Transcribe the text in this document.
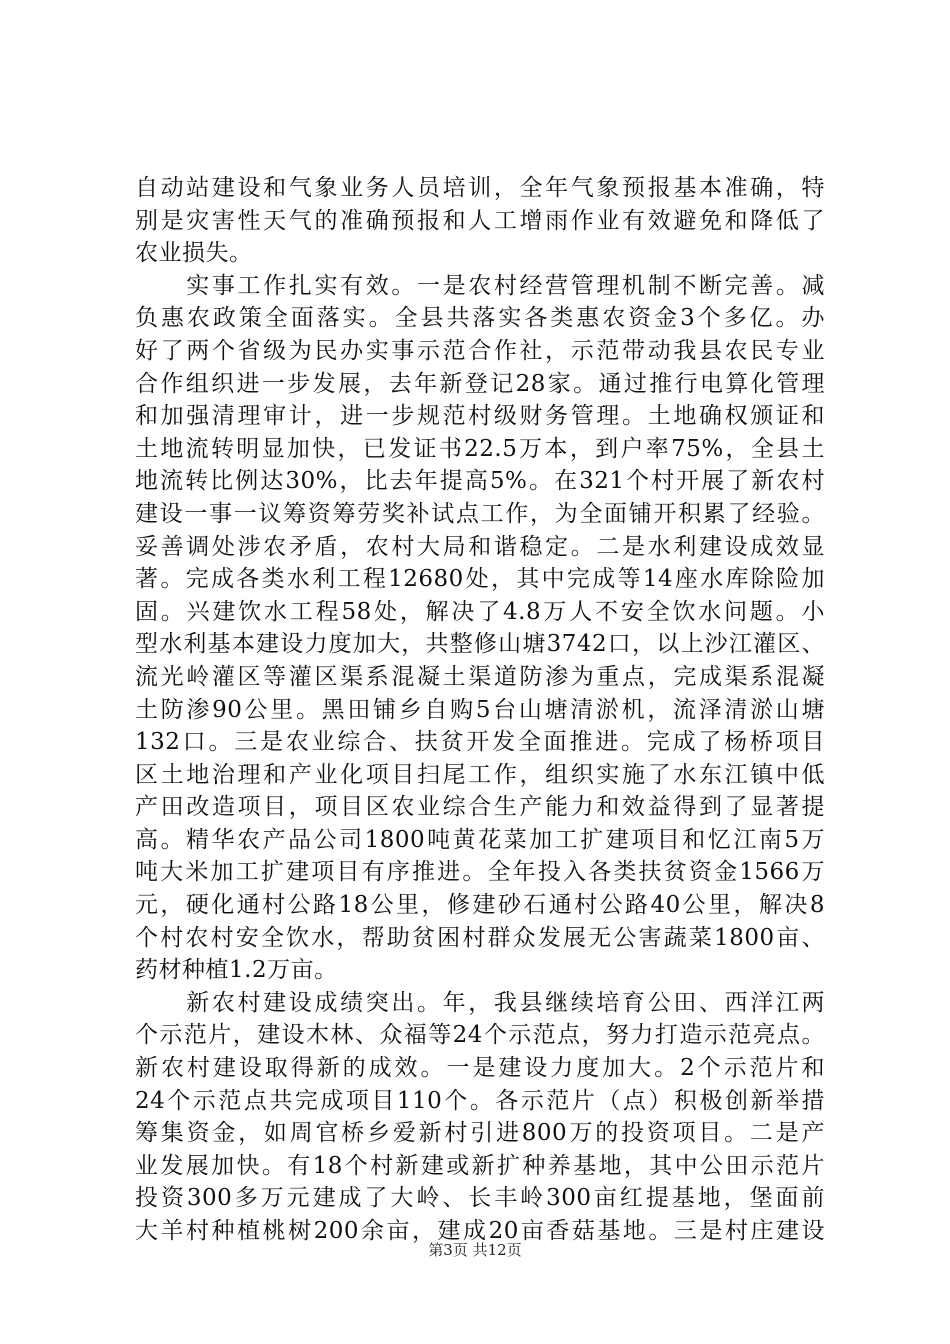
自动站建设和气象业务人员培训，全年气象预报基本准确，特
别是灾害性天气的准确预报和人工增雨作业有效避免和降低了
农业损失。
　　实事工作扎实有效。一是农村经营管理机制不断完善。减
负惠农政策全面落实。全县共落实各类惠农资金3个多亿。办
好了两个省级为民办实事示范合作社，示范带动我县农民专业
合作组织进一步发展，去年新登记28家。通过推行电算化管理
和加强清理审计，进一步规范村级财务管理。土地确权颁证和
土地流转明显加快，已发证书22.5万本，到户率75%，全县土
地流转比例达30%，比去年提高5%。在321个村开展了新农村
建设一事一议筹资筹劳奖补试点工作，为全面铺开积累了经验。
妥善调处涉农矛盾，农村大局和谐稳定。二是水利建设成效显
著。完成各类水利工程12680处，其中完成等14座水库除险加
固。兴建饮水工程58处，解决了4.8万人不安全饮水问题。小
型水利基本建设力度加大，共整修山塘3742口，以上沙江灌区、
流光岭灌区等灌区渠系混凝土渠道防渗为重点，完成渠系混凝
土防渗90公里。黑田铺乡自购5台山塘清淤机，流泽清淤山塘
132口。三是农业综合、扶贫开发全面推进。完成了杨桥项目
区土地治理和产业化项目扫尾工作，组织实施了水东江镇中低
产田改造项目，项目区农业综合生产能力和效益得到了显著提
高。精华农产品公司1800吨黄花菜加工扩建项目和忆江南5万
吨大米加工扩建项目有序推进。全年投入各类扶贫资金1566万
元，硬化通村公路18公里，修建砂石通村公路40公里，解决8
个村农村安全饮水，帮助贫困村群众发展无公害蔬菜1800亩、
药材种植1.2万亩。
　　新农村建设成绩突出。年，我县继续培育公田、西洋江两
个示范片，建设木林、众福等24个示范点，努力打造示范亮点。
新农村建设取得新的成效。一是建设力度加大。2个示范片和
24个示范点共完成项目110个。各示范片（点）积极创新举措
筹集资金，如周官桥乡爱新村引进800万的投资项目。二是产
业发展加快。有18个村新建或新扩种养基地，其中公田示范片
投资300多万元建成了大岭、长丰岭300亩红提基地，堡面前
大羊村种植桃树200余亩，建成20亩香菇基地。三是村庄建设
第3页 共12页
